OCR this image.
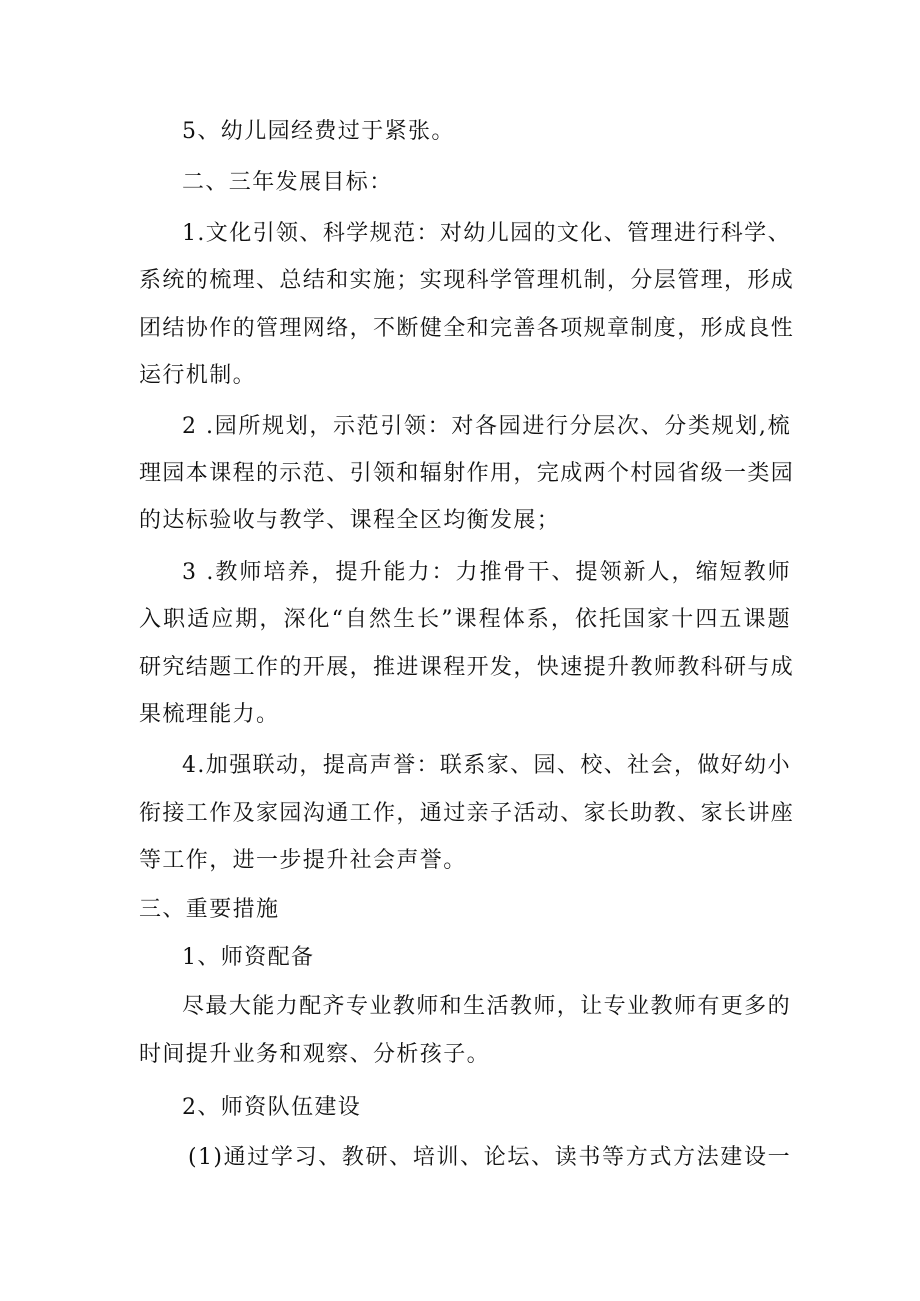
5、幼儿园经费过于紧张。
二、三年发展目标：
1.文化引领、科学规范：对幼儿园的文化、管理进行科学、
系统的梳理、总结和实施；实现科学管理机制，分层管理，形成
团结协作的管理网络，不断健全和完善各项规章制度，形成良性
运行机制。
2 .园所规划，示范引领：对各园进行分层次、分类规划,梳
理园本课程的示范、引领和辐射作用，完成两个村园省级一类园
的达标验收与教学、课程全区均衡发展；
3 .教师培养，提升能力：力推骨干、提领新人，缩短教师
入职适应期，深化“自然生长”课程体系，依托国家十四五课题
研究结题工作的开展，推进课程开发，快速提升教师教科研与成
果梳理能力。
4.加强联动，提高声誉：联系家、园、校、社会，做好幼小
衔接工作及家园沟通工作，通过亲子活动、家长助教、家长讲座
等工作，进一步提升社会声誉。
三、重要措施
1、师资配备
尽最大能力配齐专业教师和生活教师，让专业教师有更多的
时间提升业务和观察、分析孩子。
2、师资队伍建设
(1)通过学习、教研、培训、论坛、读书等方式方法建设一
